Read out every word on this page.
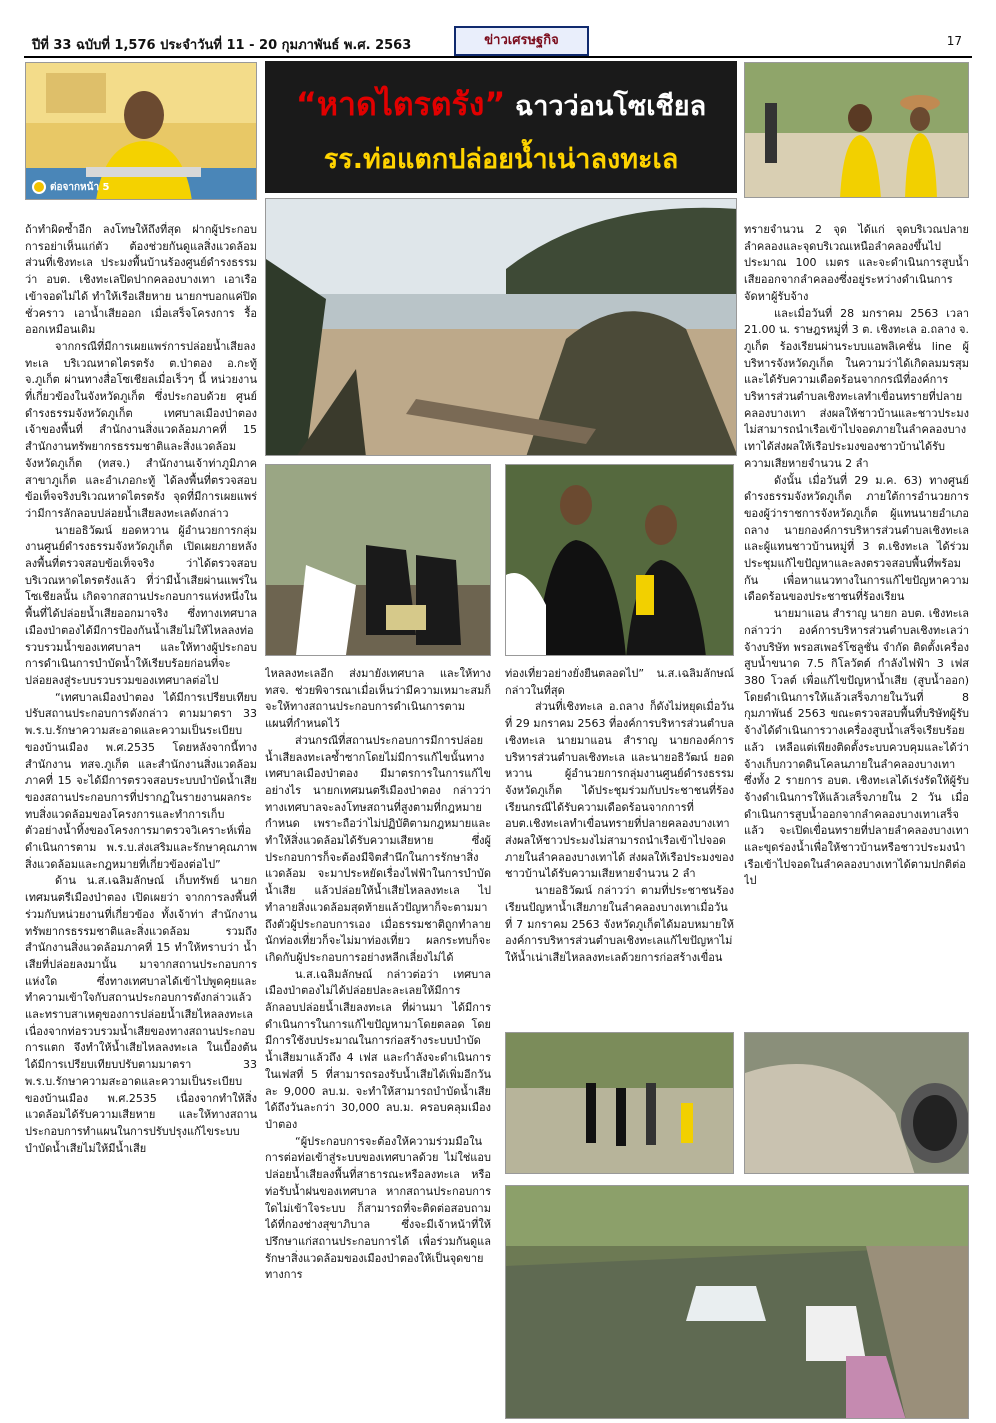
ปีที่ 33 ฉบับที่ 1,576 ประจำวันที่ 11 - 20 กุมภาพันธ์ พ.ศ. 2563	ข่าวเศรษฐกิจ	17
ต่อจากหน้า 5
“หาดไตรตรัง” ฉาวว่อนโซเชียล
รร.ท่อแตกปล่อยน้ำเน่าลงทะเล

ถ้าทำผิดซ้ำอีก ลงโทษให้ถึงที่สุด ฝากผู้ประกอบการอย่าเห็นแก่ตัว ต้องช่วยกันดูแลสิ่งแวดล้อม ส่วนที่เชิงทะเล ประมงพื้นบ้านร้องศูนย์ดำรงธรรม ว่า อบต. เชิงทะเลปิดปากคลองบางเทา เอาเรือเข้าจอดไม่ได้ ทำให้เรือเสียหาย นายกฯบอกแค่ปิดชั่วคราว เอาน้ำเสียออก เมื่อเสร็จโครงการ รื้อออกเหมือนเดิม

จากกรณีที่มีการเผยแพร่การปล่อยน้ำเสียลงทะเล บริเวณหาดไตรตรัง ต.ป่าตอง อ.กะทู้ จ.ภูเก็ต ผ่านทางสื่อโซเชียลเมื่อเร็วๆ นี้ หน่วยงานที่เกี่ยวข้องในจังหวัดภูเก็ต ซึ่งประกอบด้วย ศูนย์ดำรงธรรมจังหวัดภูเก็ต เทศบาลเมืองป่าตอง เจ้าของพื้นที่ สำนักงานสิ่งแวดล้อมภาคที่ 15 สำนักงานทรัพยากรธรรมชาติและสิ่งแวดล้อมจังหวัดภูเก็ต (ทสจ.) สำนักงานเจ้าท่าภูมิภาคสาขาภูเก็ต และอำเภอกะทู้ ได้ลงพื้นที่ตรวจสอบข้อเท็จจริงบริเวณหาดไตรตรัง จุดที่มีการเผยแพร่ว่ามีการลักลอบปล่อยน้ำเสียลงทะเลดังกล่าว

นายอธิวัฒน์ ยอดหวาน ผู้อำนวยการกลุ่มงานศูนย์ดำรงธรรมจังหวัดภูเก็ต เปิดเผยภายหลังลงพื้นที่ตรวจสอบข้อเท็จจริง ว่าได้ตรวจสอบบริเวณหาดไตรตรังแล้ว ที่ว่ามีน้ำเสียผ่านแพร่ในโซเชียลนั้น เกิดจากสถานประกอบการแห่งหนึ่งในพื้นที่ได้ปล่อยน้ำเสียออกมาจริง ซึ่งทางเทศบาลเมืองป่าตองได้มีการป้องกันน้ำเสียไม่ให้ไหลลงท่อรวบรวมน้ำของเทศบาลฯ และให้ทางผู้ประกอบการดำเนินการบำบัดน้ำให้เรียบร้อยก่อนที่จะปล่อยลงสู่ระบบรวบรวมของเทศบาลต่อไป

“เทศบาลเมืองป่าตอง ได้มีการเปรียบเทียบปรับสถานประกอบการดังกล่าว ตามมาตรา 33 พ.ร.บ.รักษาความสะอาดและความเป็นระเบียบของบ้านเมือง พ.ศ.2535 โดยหลังจากนี้ทางสำนักงาน ทสจ.ภูเก็ต และสำนักงานสิ่งแวดล้อมภาคที่ 15 จะได้มีการตรวจสอบระบบบำบัดน้ำเสียของสถานประกอบการที่ปรากฏในรายงานผลกระทบสิ่งแวดล้อมของโครงการและทำการเก็บตัวอย่างน้ำทิ้งของโครงการมาตรวจวิเคราะห์เพื่อดำเนินการตาม พ.ร.บ.ส่งเสริมและรักษาคุณภาพสิ่งแวดล้อมและกฎหมายที่เกี่ยวข้องต่อไป”

ด้าน น.ส.เฉลิมลักษณ์ เก็บทรัพย์ นายกเทศมนตรีเมืองป่าตอง เปิดเผยว่า จากการลงพื้นที่ร่วมกับหน่วยงานที่เกี่ยวข้อง ทั้งเจ้าท่า สำนักงานทรัพยากรธรรมชาติและสิ่งแวดล้อม รวมถึงสำนักงานสิ่งแวดล้อมภาคที่ 15 ทำให้ทราบว่า น้ำเสียที่ปล่อยลงมานั้น มาจากสถานประกอบการแห่งใด ซึ่งทางเทศบาลได้เข้าไปพูดคุยและทำความเข้าใจกับสถานประกอบการดังกล่าวแล้ว และทราบสาเหตุของการปล่อยน้ำเสียไหลลงทะเลเนื่องจากท่อรวบรวมน้ำเสียของทางสถานประกอบการแตก จึงทำให้น้ำเสียไหลลงทะเล ในเบื้องต้นได้มีการเปรียบเทียบปรับตามมาตรา 33 พ.ร.บ.รักษาความสะอาดและความเป็นระเบียบของบ้านเมือง พ.ศ.2535 เนื่องจากทำให้สิ่งแวดล้อมได้รับความเสียหาย และให้ทางสถานประกอบการทำแผนในการปรับปรุงแก้ไขระบบบำบัดน้ำเสียไม่ให้มีน้ำเสีย

ไหลลงทะเลอีก ส่งมายังเทศบาล และให้ทาง ทสจ. ช่วยพิจารณาเมื่อเห็นว่ามีความเหมาะสมก็จะให้ทางสถานประกอบการดำเนินการตามแผนที่กำหนดไว้

ส่วนกรณีที่สถานประกอบการมีการปล่อยน้ำเสียลงทะเลซ้ำซากโดยไม่มีการแก้ไขนั้นทางเทศบาลเมืองป่าตอง มีมาตรการในการแก้ไขอย่างไร นายกเทศมนตรีเมืองป่าตอง กล่าวว่า ทางเทศบาลจะลงโทษสถานที่สูงตามที่กฎหมายกำหนด เพราะถือว่าไม่ปฏิบัติตามกฎหมายและทำให้สิ่งแวดล้อมได้รับความเสียหาย ซึ่งผู้ประกอบการก็จะต้องมีจิตสำนึกในการรักษาสิ่งแวดล้อม จะมาประหยัดเรื่องไฟฟ้าในการบำบัดน้ำเสีย แล้วปล่อยให้น้ำเสียไหลลงทะเล ไปทำลายสิ่งแวดล้อมสุดท้ายแล้วปัญหาก็จะตามมาถึงตัวผู้ประกอบการเอง เมื่อธรรมชาติถูกทำลาย นักท่องเที่ยวก็จะไม่มาท่องเที่ยว ผลกระทบก็จะเกิดกับผู้ประกอบการอย่างหลีกเลี่ยงไม่ได้

น.ส.เฉลิมลักษณ์ กล่าวต่อว่า เทศบาลเมืองป่าตองไม่ได้ปล่อยปละละเลยให้มีการลักลอบปล่อยน้ำเสียลงทะเล ที่ผ่านมา ได้มีการดำเนินการในการแก้ไขปัญหามาโดยตลอด โดยมีการใช้งบประมาณในการก่อสร้างระบบบำบัดน้ำเสียมาแล้วถึง 4 เฟส และกำลังจะดำเนินการในเฟสที่ 5 ที่สามารถรองรับน้ำเสียได้เพิ่มอีกวันละ 9,000 ลบ.ม. จะทำให้สามารถบำบัดน้ำเสียได้ถึงวันละกว่า 30,000 ลบ.ม. ครอบคลุมเมืองป่าตอง

“ผู้ประกอบการจะต้องให้ความร่วมมือในการต่อท่อเข้าสู่ระบบของเทศบาลด้วย ไม่ใช่แอบปล่อยน้ำเสียลงพื้นที่สาธารณะหรือลงทะเล หรือท่อรับน้ำฝนของเทศบาล หากสถานประกอบการใดไม่เข้าใจระบบ ก็สามารถที่จะติดต่อสอบถามได้ที่กองช่างสุขาภิบาล ซึ่งจะมีเจ้าหน้าที่ให้ปรึกษาแก่สถานประกอบการได้ เพื่อร่วมกันดูแลรักษาสิ่งแวดล้อมของเมืองป่าตองให้เป็นจุดขายทางการ

ท่องเที่ยวอย่างยั่งยืนตลอดไป” น.ส.เฉลิมลักษณ์ กล่าวในที่สุด

ส่วนที่เชิงทะเล อ.ถลาง ก็ดังไม่หยุดเมื่อวันที่ 29 มกราคม 2563 ที่องค์การบริหารส่วนตำบลเชิงทะเล นายมาแอน สำราญ นายกองค์การบริหารส่วนตำบลเชิงทะเล และนายอธิวัฒน์ ยอดหวาน ผู้อำนวยการกลุ่มงานศูนย์ดำรงธรรมจังหวัดภูเก็ต ได้ประชุมร่วมกับประชาชนที่ร้องเรียนกรณีได้รับความเดือดร้อนจากการที่ อบต.เชิงทะเลทำเขื่อนทรายที่ปลายคลองบางเทาส่งผลให้ชาวประมงไม่สามารถนำเรือเข้าไปจอดภายในลำคลองบางเทาได้ ส่งผลให้เรือประมงของชาวบ้านได้รับความเสียหายจำนวน 2 ลำ

นายอธิวัฒน์ กล่าวว่า ตามที่ประชาชนร้องเรียนปัญหาน้ำเสียภายในลำคลองบางเทาเมื่อวันที่ 7 มกราคม 2563 จังหวัดภูเก็ตได้มอบหมายให้องค์การบริหารส่วนตำบลเชิงทะเลแก้ไขปัญหาไม่ให้น้ำเน่าเสียไหลลงทะเลด้วยการก่อสร้างเขื่อน

ทรายจำนวน 2 จุด ได้แก่ จุดบริเวณปลายลำคลองและจุดบริเวณเหนือลำคลองขึ้นไปประมาณ 100 เมตร และจะดำเนินการสูบน้ำเสียออกจากลำคลองซึ่งอยู่ระหว่างดำเนินการจัดหาผู้รับจ้าง

และเมื่อวันที่ 28 มกราคม 2563 เวลา 21.00 น. ราษฎรหมู่ที่ 3 ต. เชิงทะเล อ.ถลาง จ. ภูเก็ต ร้องเรียนผ่านระบบแอพลิเคชั่น line ผู้บริหารจังหวัดภูเก็ต ในความว่าได้เกิดลมมรสุมและได้รับความเดือดร้อนจากกรณีที่องค์การบริหารส่วนตำบลเชิงทะเลทำเขื่อนทรายที่ปลายคลองบางเทา ส่งผลให้ชาวบ้านและชาวประมงไม่สามารถนำเรือเข้าไปจอดภายในลำคลองบางเทาได้ส่งผลให้เรือประมงของชาวบ้านได้รับความเสียหายจำนวน 2 ลำ

ดังนั้น เมื่อวันที่ 29 ม.ค. 63) ทางศูนย์ดำรงธรรมจังหวัดภูเก็ต ภายใต้การอำนวยการของผู้ว่าราชการจังหวัดภูเก็ต ผู้แทนนายอำเภอถลาง นายกองค์การบริหารส่วนตำบลเชิงทะเลและผู้แทนชาวบ้านหมู่ที่ 3 ต.เชิงทะเล ได้ร่วมประชุมแก้ไขปัญหาและลงตรวจสอบพื้นที่พร้อมกัน เพื่อหาแนวทางในการแก้ไขปัญหาความเดือดร้อนของประชาชนที่ร้องเรียน

นายมาแอน สำราญ นายก อบต. เชิงทะเล กล่าวว่า องค์การบริหารส่วนตำบลเชิงทะเลว่าจ้างบริษัท พรอสเพอร์โซลูชั่น จำกัด ติดตั้งเครื่องสูบน้ำขนาด 7.5 กิโลวัตต์ กำลังไฟฟ้า 3 เฟส 380 โวลต์ เพื่อแก้ไขปัญหาน้ำเสีย (สูบน้ำออก) โดยดำเนินการให้แล้วเสร็จภายในวันที่ 8 กุมภาพันธ์ 2563 ขณะตรวจสอบพื้นที่บริษัทผู้รับจ้างได้ดำเนินการวางเครื่องสูบน้ำเสร็จเรียบร้อยแล้ว เหลือแต่เพียงติดตั้งระบบควบคุมและได้ว่าจ้างเก็บกวาดดินโคลนภายในลำคลองบางเทา ซึ่งทั้ง 2 รายการ อบต. เชิงทะเลได้เร่งรัดให้ผู้รับจ้างดำเนินการให้แล้วเสร็จภายใน 2 วัน เมื่อดำเนินการสูบน้ำออกจากลำคลองบางเทาเสร็จแล้ว จะเปิดเขื่อนทรายที่ปลายลำคลองบางเทาและขุดร่องน้ำเพื่อให้ชาวบ้านหรือชาวประมงนำเรือเข้าไปจอดในลำคลองบางเทาได้ตามปกติต่อไป
